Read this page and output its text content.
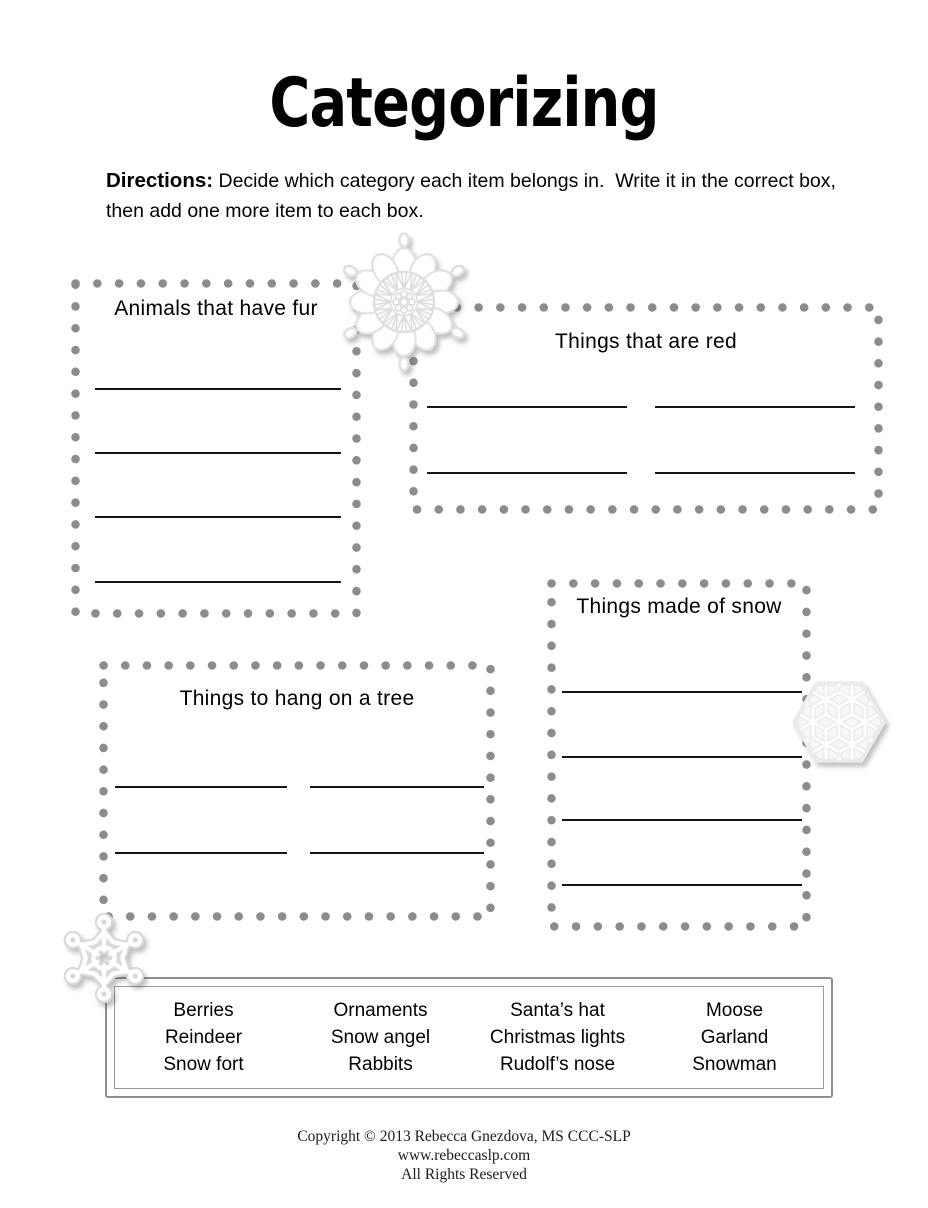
Categorizing

Directions: Decide which category each item belongs in.  Write it in the correct box, then add one more item to each box.

Animals that have fur
Things that are red
Things made of snow
Things to hang on a tree
Berries
Reindeer
Snow fort
Ornaments
Snow angel
Rabbits
Santa’s hat
Christmas lights
Rudolf’s nose
Moose
Garland
Snowman

Copyright © 2013 Rebecca Gnezdova, MS CCC-SLP

www.rebeccaslp.com

All Rights Reserved
